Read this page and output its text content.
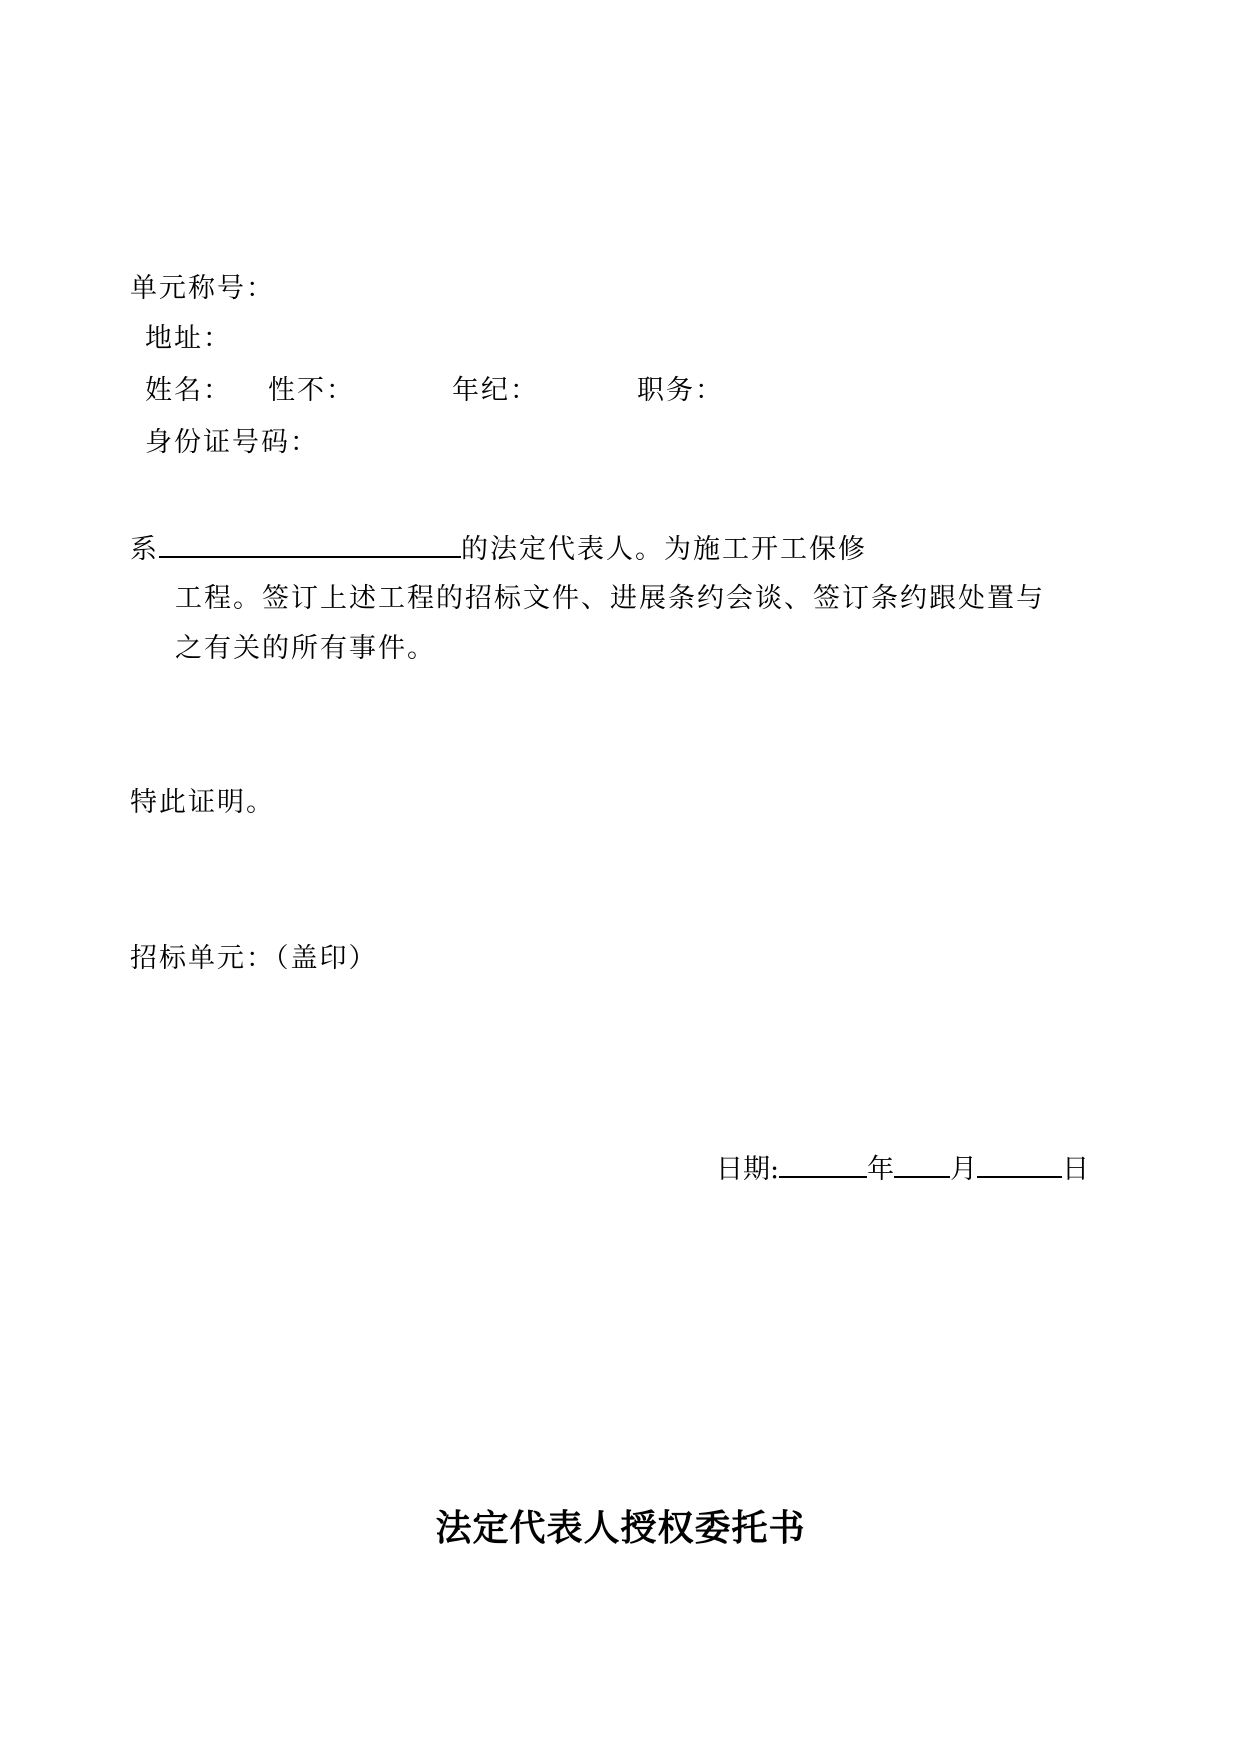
单元称号：
地址：
姓名： 性不：	年纪：	职务：
身份证号码：
系	的法定代表人。为施工开工保修
工程。签订上述工程的招标文件、进展条约会谈、签订条约跟处置与
之有关的所有事件。
特此证明。
招标单元：（盖印）
日期:	年 月	日
法定代表人授权委托书
